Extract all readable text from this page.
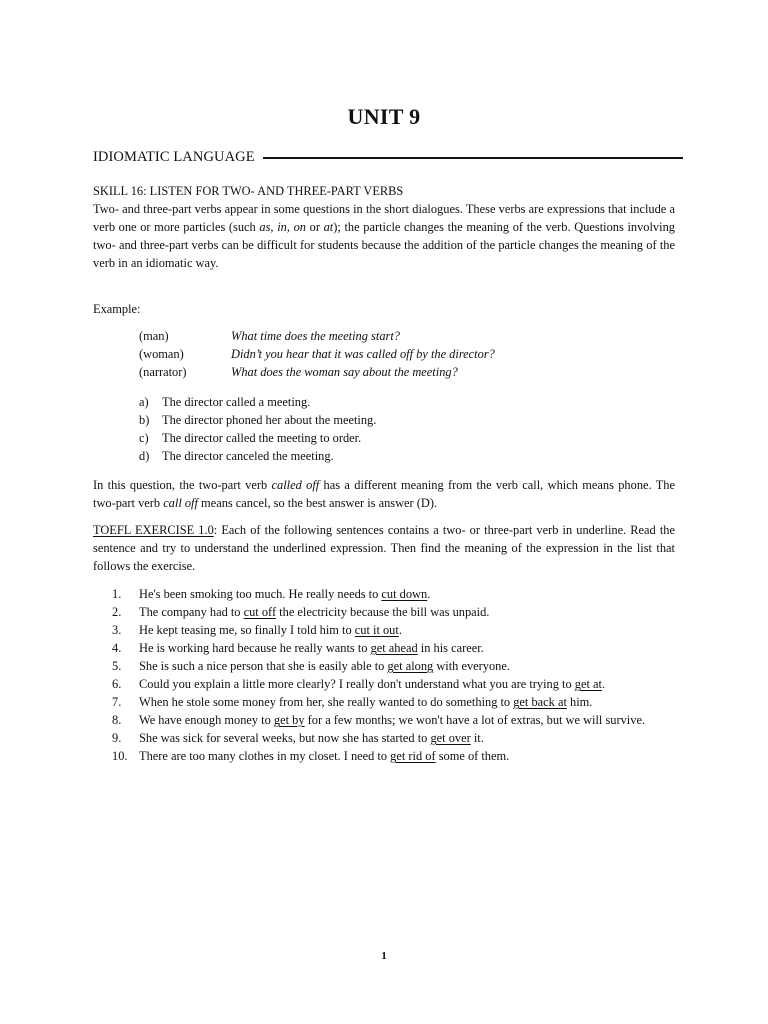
UNIT 9
IDIOMATIC LANGUAGE
SKILL 16: LISTEN FOR TWO- AND THREE-PART VERBS

Two- and three-part verbs appear in some questions in the short dialogues. These verbs are expressions that include a verb one or more particles (such as, in, on or at); the particle changes the meaning of the verb. Questions involving two- and three-part verbs can be difficult for students because the addition of the particle changes the meaning of the verb in an idiomatic way.

Example:

(man)	What time does the meeting start?
(woman)	Didn’t you hear that it was called off by the director?
(narrator)	What does the woman say about the meeting?
a)	The director called a meeting.
b)	The director phoned her about the meeting.
c)	The director called the meeting to order.
d)	The director canceled the meeting.

In this question, the two-part verb called off has a different meaning from the verb call, which means phone. The two-part verb call off means cancel, so the best answer is answer (D).

TOEFL EXERCISE 1.0: Each of the following sentences contains a two- or three-part verb in underline. Read the sentence and try to understand the underlined expression. Then find the meaning of the expression in the list that follows the exercise.

1.	He's been smoking too much. He really needs to cut down.
2.	The company had to cut off the electricity because the bill was unpaid.
3.	He kept teasing me, so finally I told him to cut it out.
4.	He is working hard because he really wants to get ahead in his career.
5.	She is such a nice person that she is easily able to get along with everyone.
6.	Could you explain a little more clearly? I really don't understand what you are trying to get at.
7.	When he stole some money from her, she really wanted to do something to get back at him.
8.	We have enough money to get by for a few months; we won't have a lot of extras, but we will survive.
9.	She was sick for several weeks, but now she has started to get over it.
10. There are too many clothes in my closet. I need to get rid of some of them.
1
